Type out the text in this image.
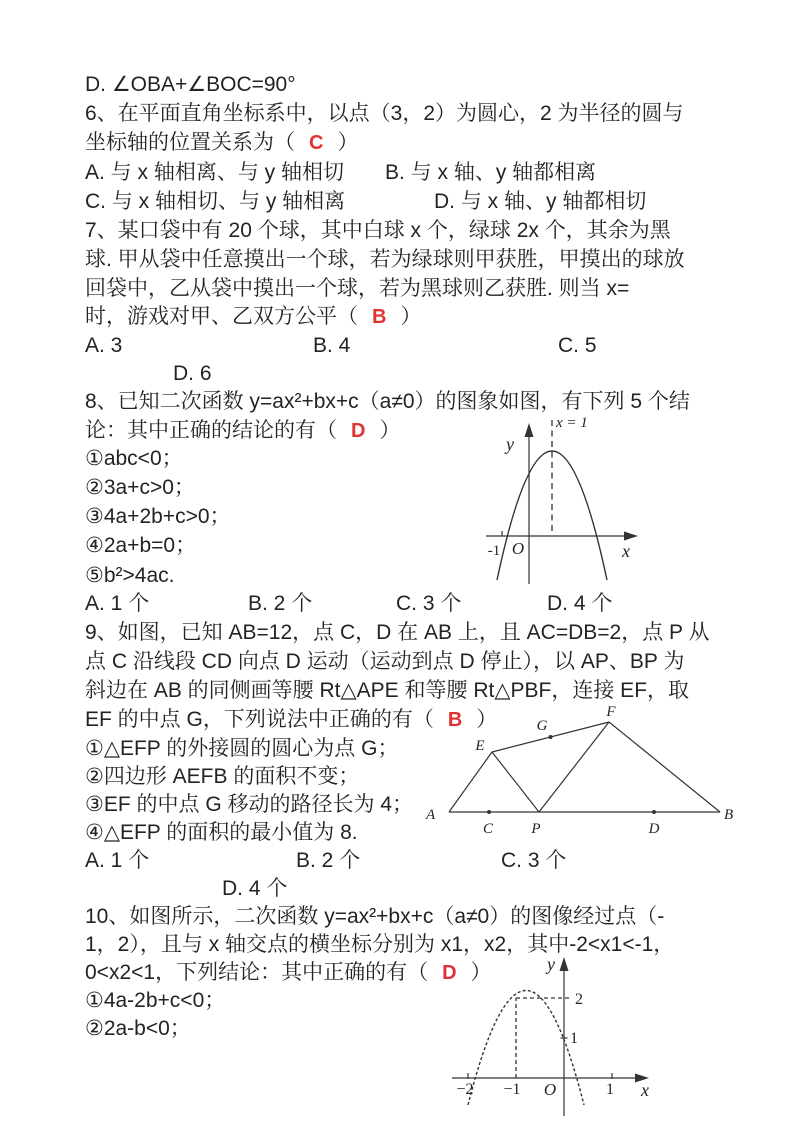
D. ∠OBA+∠BOC=90°
6、在平面直角坐标系中，以点（3，2）为圆心，2 为半径的圆与
坐标轴的位置关系为（ C ）
A. 与 x 轴相离、与 y 轴相切 B. 与 x 轴、y 轴都相离
C. 与 x 轴相切、与 y 轴相离	D. 与 x 轴、y 轴都相切
7、某口袋中有 20 个球，其中白球 x 个，绿球 2x 个，其余为黑
球. 甲从袋中任意摸出一个球，若为绿球则甲获胜，甲摸出的球放
回袋中，乙从袋中摸出一个球，若为黑球则乙获胜. 则当 x=
时，游戏对甲、乙双方公平（ B ）
A. 3	B. 4	C. 5
D. 6
8、已知二次函数 y=ax²+bx+c（a≠0）的图象如图，有下列 5 个结
论：其中正确的结论的有（ D ）
①abc<0；
②3a+c>0；
③4a+2b+c>0；
④2a+b=0；
⑤b²>4ac.
A. 1 个	B. 2 个	C. 3 个	D. 4 个
y
x
O
-1
x = 1
9、如图，已知 AB=12，点 C，D 在 AB 上，且 AC=DB=2，点 P 从
点 C 沿线段 CD 向点 D 运动（运动到点 D 停止），以 AP、BP 为
斜边在 AB 的同侧画等腰 Rt△APE 和等腰 Rt△PBF，连接 EF，取
EF 的中点 G，下列说法中正确的有（ B ）
①△EFP 的外接圆的圆心为点 G；
②四边形 AEFB 的面积不变；
③EF 的中点 G 移动的路径长为 4；
④△EFP 的面积的最小值为 8.
A. 1 个	B. 2 个	C. 3 个
D. 4 个
A	B
C	P	D
E
F
G
10、如图所示，二次函数 y=ax²+bx+c（a≠0）的图像经过点（-
1，2），且与 x 轴交点的横坐标分别为 x1，x2，其中-2<x1<-1，
0<x2<1，下列结论：其中正确的有（ D ）
①4a-2b+c<0；
②2a-b<0；
y
x
O
−2 −1	1
2
1
